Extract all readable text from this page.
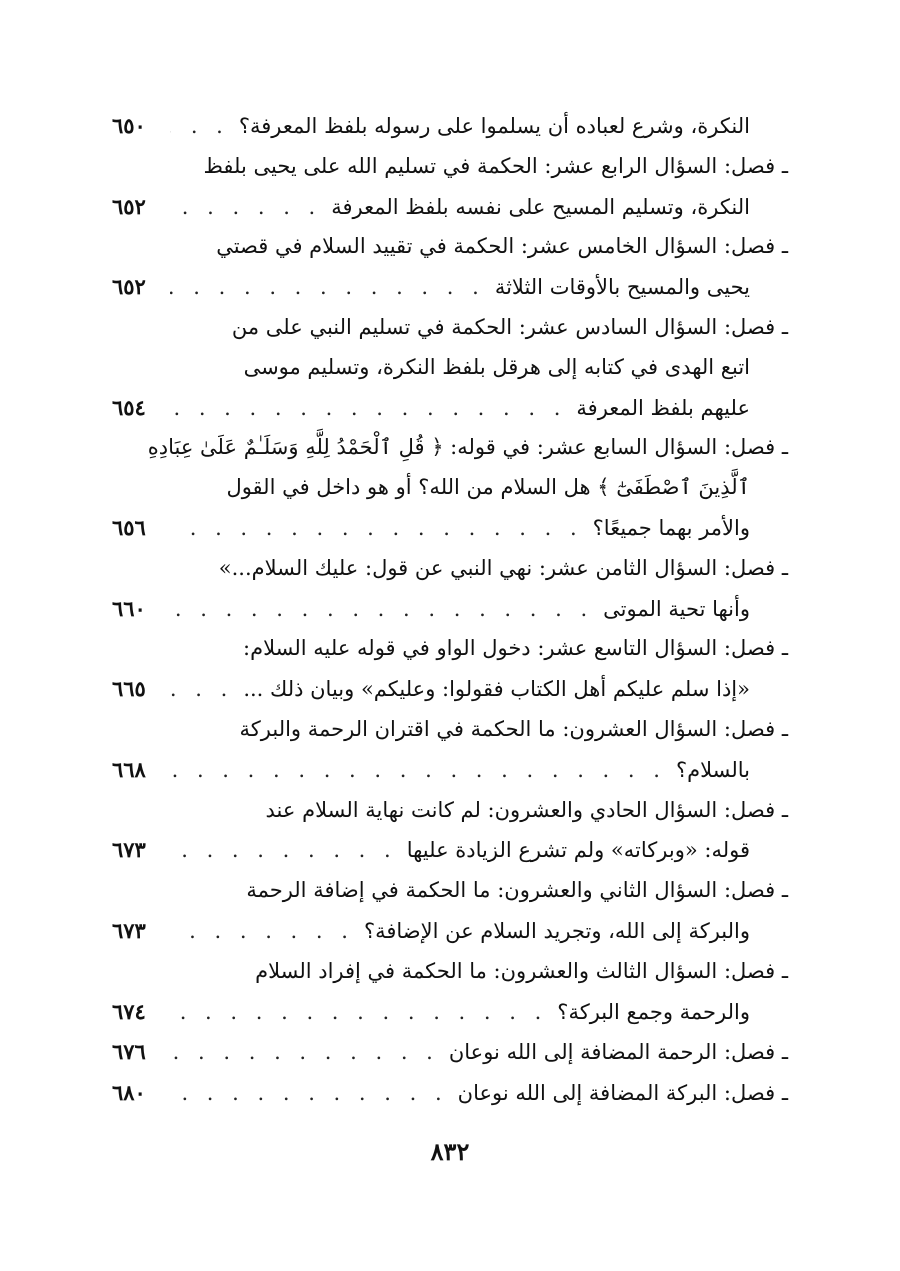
النكرة، وشرع لعباده أن يسلموا على رسوله بلفظ المعرفة؟
. . .
٦٥٠
ـ فصل: السؤال الرابع عشر: الحكمة في تسليم الله على يحيى بلفظ
النكرة، وتسليم المسيح على نفسه بلفظ المعرفة
. . .
٦٥٢
ـ فصل: السؤال الخامس عشر: الحكمة في تقييد السلام في قصتي
يحيى والمسيح بالأوقات الثلاثة
. . .
٦٥٢
ـ فصل: السؤال السادس عشر: الحكمة في تسليم النبي على من
اتبع الهدى في كتابه إلى هرقل بلفظ النكرة، وتسليم موسى
عليهم بلفظ المعرفة
. . .
٦٥٤
ـ فصل: السؤال السابع عشر: في قوله: ﴿ قُلِ ٱلْحَمْدُ لِلَّهِ وَسَلَـٰمٌ عَلَىٰ عِبَادِهِ
ٱلَّذِينَ ٱصْطَفَىٰٓ ﴾ هل السلام من الله؟ أو هو داخل في القول
والأمر بهما جميعًا؟
. . .
٦٥٦
ـ فصل: السؤال الثامن عشر: نهي النبي عن قول: عليك السلام...»
وأنها تحية الموتى
. . .
٦٦٠
ـ فصل: السؤال التاسع عشر: دخول الواو في قوله عليه السلام:
«إذا سلم عليكم أهل الكتاب فقولوا: وعليكم» وبيان ذلك ...
. . .
٦٦٥
ـ فصل: السؤال العشرون: ما الحكمة في اقتران الرحمة والبركة
بالسلام؟
. . .
٦٦٨
ـ فصل: السؤال الحادي والعشرون: لم كانت نهاية السلام عند
قوله: «وبركاته» ولم تشرع الزيادة عليها
. . .
٦٧٣
ـ فصل: السؤال الثاني والعشرون: ما الحكمة في إضافة الرحمة
والبركة إلى الله، وتجريد السلام عن الإضافة؟
. . .
٦٧٣
ـ فصل: السؤال الثالث والعشرون: ما الحكمة في إفراد السلام
والرحمة وجمع البركة؟
. . .
٦٧٤
ـ فصل: الرحمة المضافة إلى الله نوعان
. . .
٦٧٦
ـ فصل: البركة المضافة إلى الله نوعان
. . .
٦٨٠
٨٣٢
